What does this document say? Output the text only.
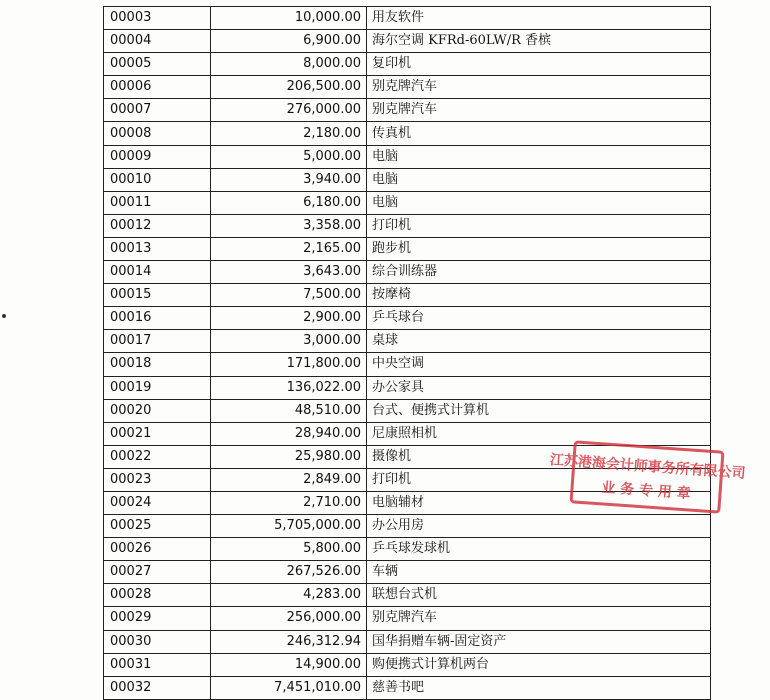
00003	10,000.00	用友软件
00004	6,900.00	海尔空调 KFRd-60LW/R 香槟
00005	8,000.00	复印机
00006	206,500.00	别克牌汽车
00007	276,000.00	别克牌汽车
00008	2,180.00	传真机
00009	5,000.00	电脑
00010	3,940.00	电脑
00011	6,180.00	电脑
00012	3,358.00	打印机
00013	2,165.00	跑步机
00014	3,643.00	综合训练器
00015	7,500.00	按摩椅
00016	2,900.00	乒乓球台
00017	3,000.00	桌球
00018	171,800.00	中央空调
00019	136,022.00	办公家具
00020	48,510.00	台式、便携式计算机
00021	28,940.00	尼康照相机
00022	25,980.00	摄像机
00023	2,849.00	打印机
00024	2,710.00	电脑辅材
00025	5,705,000.00	办公用房
00026	5,800.00	乒乓球发球机
00027	267,526.00	车辆
00028	4,283.00	联想台式机
00029	256,000.00	别克牌汽车
00030	246,312.94	国华捐赠车辆-固定资产
00031	14,900.00	购便携式计算机两台
00032	7,451,010.00	慈善书吧
江苏港海会计师事务所有限公司
业 务 专 用 章
